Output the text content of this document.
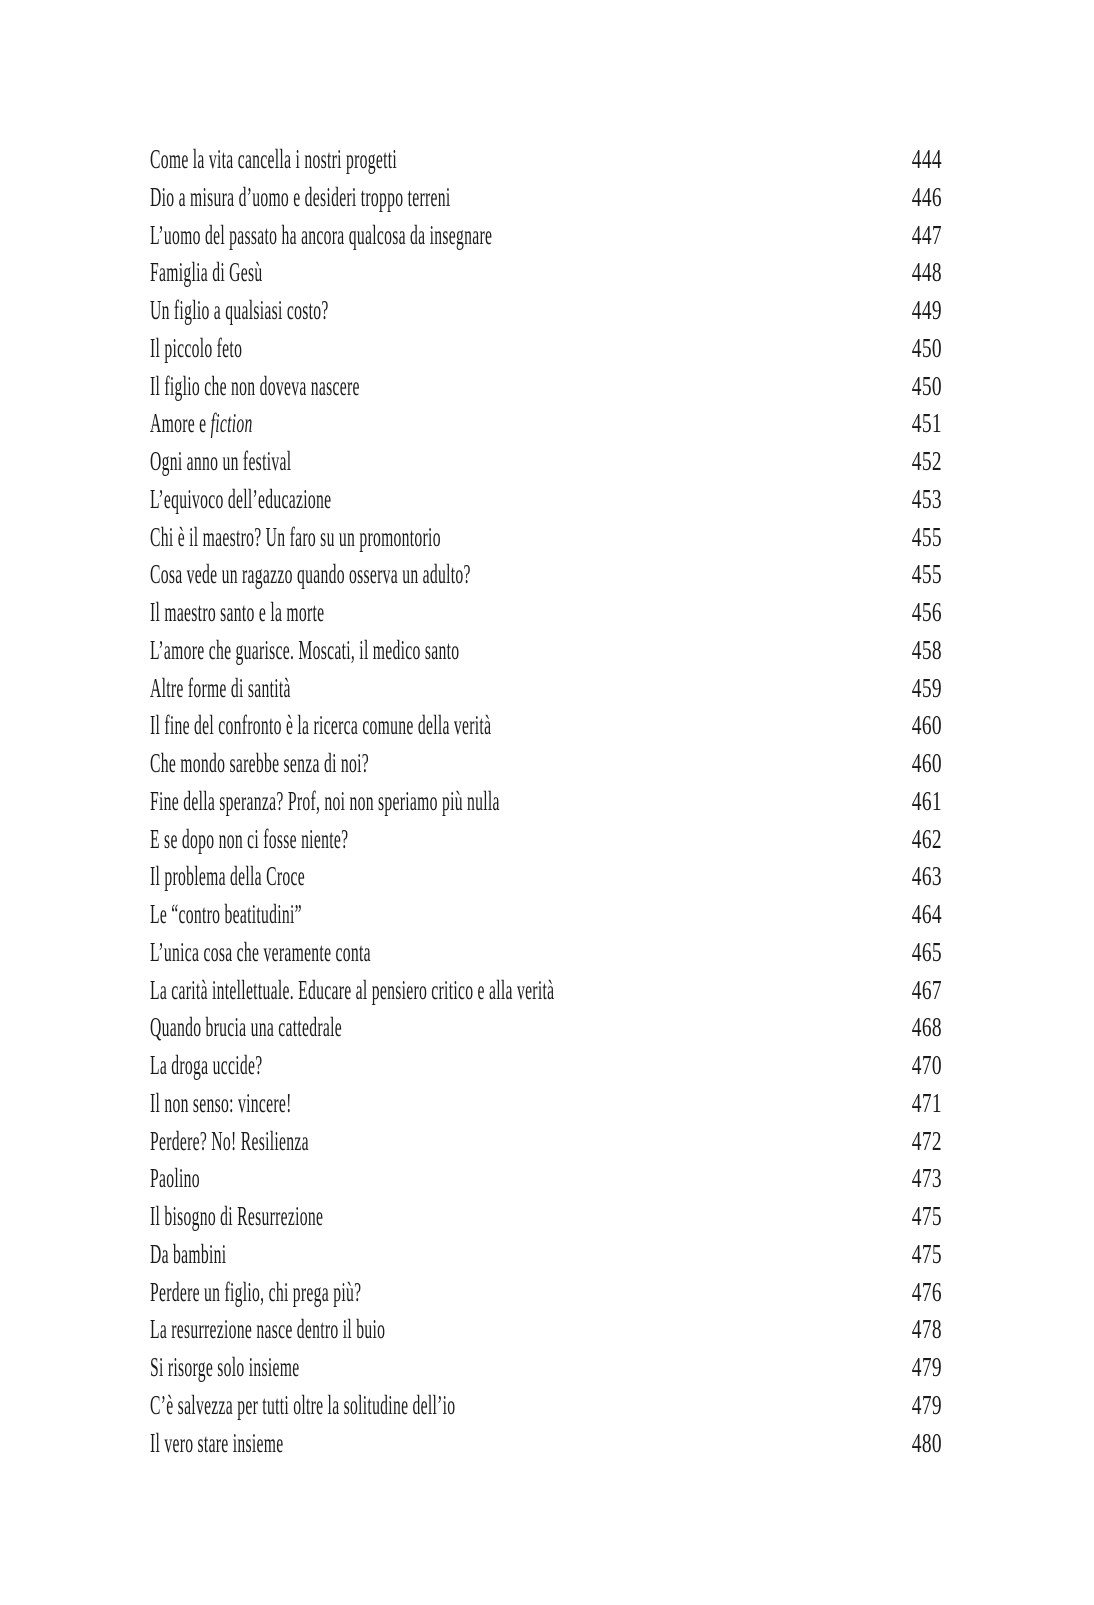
Come la vita cancella i nostri progetti	444
Dio a misura d’uomo e desideri troppo terreni	446
L’uomo del passato ha ancora qualcosa da insegnare	447
Famiglia di Gesù	448
Un figlio a qualsiasi costo?	449
Il piccolo feto	450
Il figlio che non doveva nascere	450
Amore e fiction	451
Ogni anno un festival	452
L’equivoco dell’educazione	453
Chi è il maestro? Un faro su un promontorio	455
Cosa vede un ragazzo quando osserva un adulto?	455
Il maestro santo e la morte	456
L’amore che guarisce. Moscati, il medico santo	458
Altre forme di santità	459
Il fine del confronto è la ricerca comune della verità	460
Che mondo sarebbe senza di noi?	460
Fine della speranza? Prof, noi non speriamo più nulla	461
E se dopo non ci fosse niente?	462
Il problema della Croce	463
Le “contro beatitudini”	464
L’unica cosa che veramente conta	465
La carità intellettuale. Educare al pensiero critico e alla verità	467
Quando brucia una cattedrale	468
La droga uccide?	470
Il non senso: vincere!	471
Perdere? No! Resilienza	472
Paolino	473
Il bisogno di Resurrezione	475
Da bambini	475
Perdere un figlio, chi prega più?	476
La resurrezione nasce dentro il buio	478
Si risorge solo insieme	479
C’è salvezza per tutti oltre la solitudine dell’io	479
Il vero stare insieme	480
